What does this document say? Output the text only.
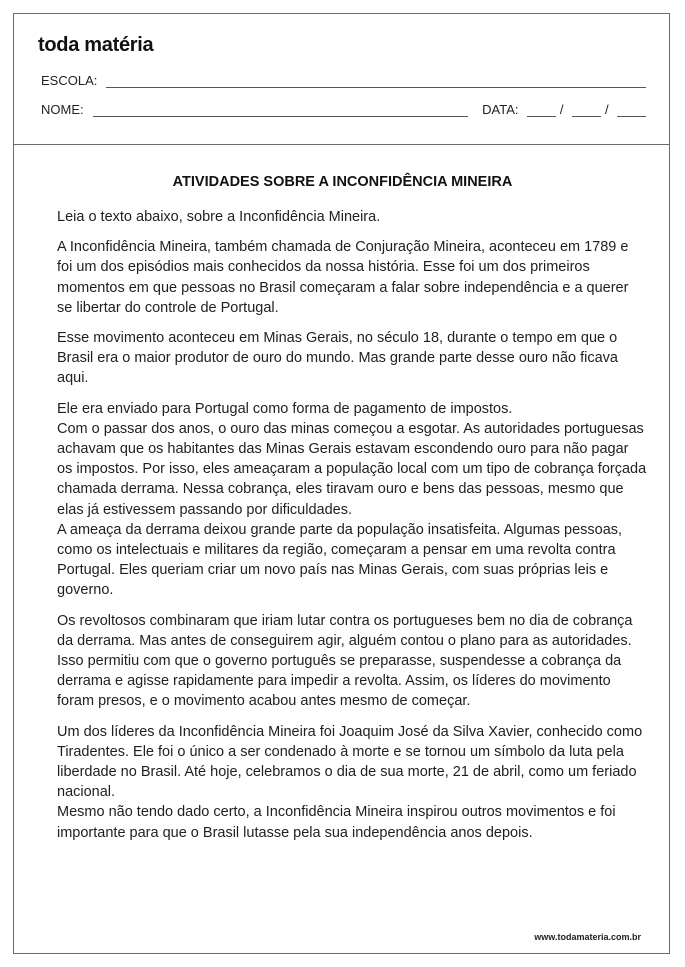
toda matéria
ESCOLA:
NOME:	DATA:	/	/
ATIVIDADES SOBRE A INCONFIDÊNCIA MINEIRA

Leia o texto abaixo, sobre a Inconfidência Mineira.

A Inconfidência Mineira, também chamada de Conjuração Mineira, aconteceu em 1789 e foi um dos episódios mais conhecidos da nossa história. Esse foi um dos primeiros momentos em que pessoas no Brasil começaram a falar sobre independência e a querer se libertar do controle de Portugal.

Esse movimento aconteceu em Minas Gerais, no século 18, durante o tempo em que o Brasil era o maior produtor de ouro do mundo. Mas grande parte desse ouro não ficava aqui.

Ele era enviado para Portugal como forma de pagamento de impostos.
Com o passar dos anos, o ouro das minas começou a esgotar. As autoridades portuguesas achavam que os habitantes das Minas Gerais estavam escondendo ouro para não pagar os impostos. Por isso, eles ameaçaram a população local com um tipo de cobrança forçada chamada derrama. Nessa cobrança, eles tiravam ouro e bens das pessoas, mesmo que elas já estivessem passando por dificuldades.
A ameaça da derrama deixou grande parte da população insatisfeita. Algumas pessoas, como os intelectuais e militares da região, começaram a pensar em uma revolta contra Portugal. Eles queriam criar um novo país nas Minas Gerais, com suas próprias leis e governo.

Os revoltosos combinaram que iriam lutar contra os portugueses bem no dia de cobrança da derrama. Mas antes de conseguirem agir, alguém contou o plano para as autoridades. Isso permitiu com que o governo português se preparasse, suspendesse a cobrança da derrama e agisse rapidamente para impedir a revolta. Assim, os líderes do movimento foram presos, e o movimento acabou antes mesmo de começar.

Um dos líderes da Inconfidência Mineira foi Joaquim José da Silva Xavier, conhecido como Tiradentes. Ele foi o único a ser condenado à morte e se tornou um símbolo da luta pela liberdade no Brasil. Até hoje, celebramos o dia de sua morte, 21 de abril, como um feriado nacional.
Mesmo não tendo dado certo, a Inconfidência Mineira inspirou outros movimentos e foi importante para que o Brasil lutasse pela sua independência anos depois.

www.todamateria.com.br
